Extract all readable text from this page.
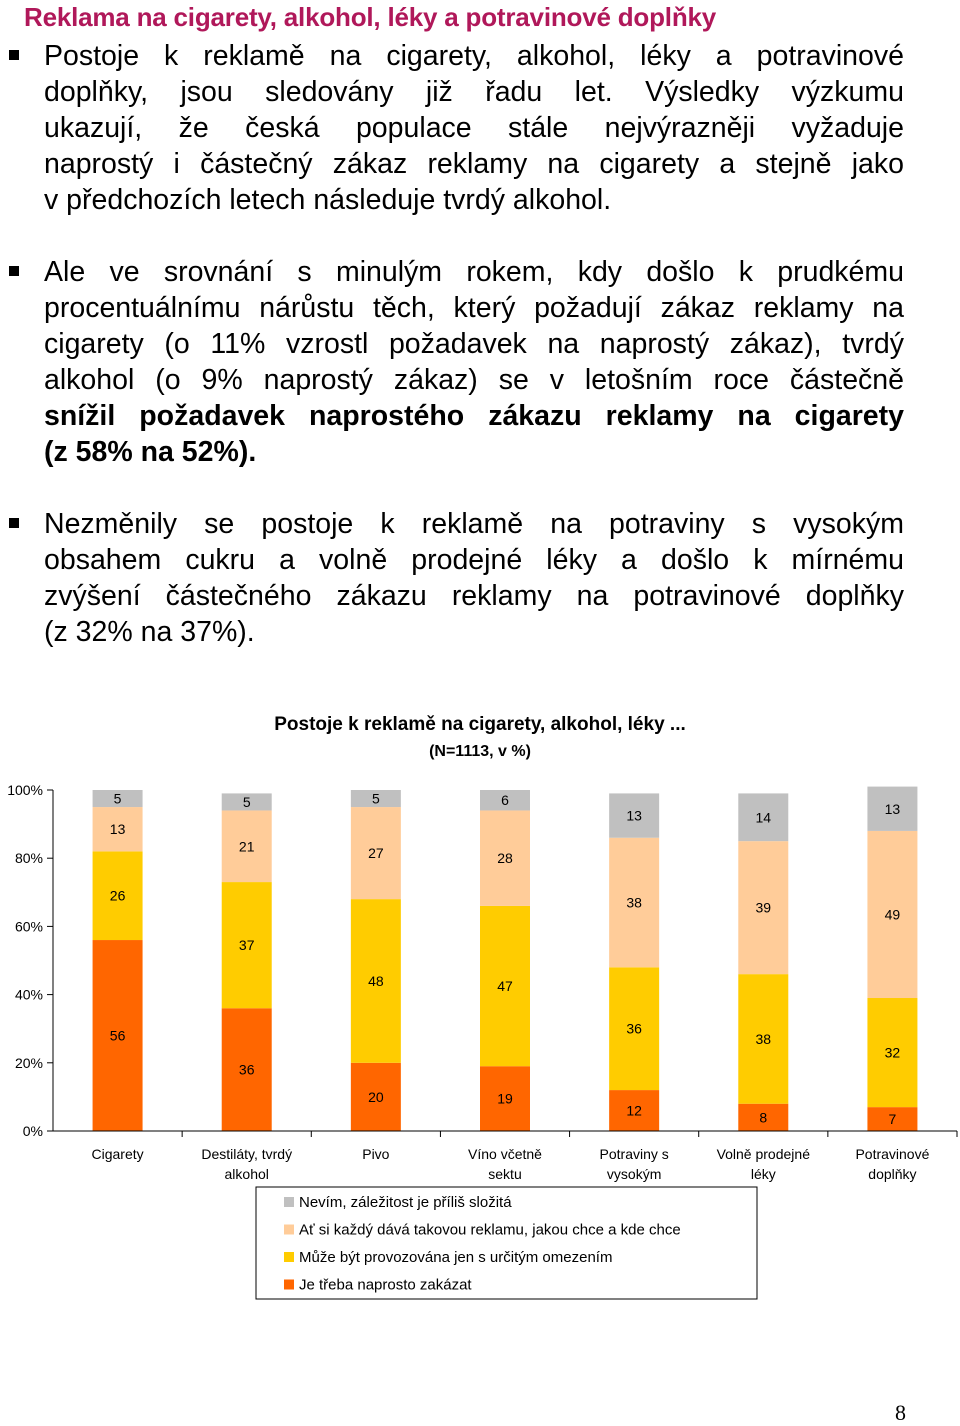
Reklama na cigarety, alkohol, léky a potravinové doplňky
Postoje k reklamě na cigarety, alkohol, léky a potravinové
doplňky, jsou sledovány již řadu let. Výsledky výzkumu
ukazují, že česká populace stále nejvýrazněji vyžaduje
naprostý i částečný zákaz reklamy na cigarety a stejně jako
v předchozích letech následuje tvrdý alkohol.
Ale ve srovnání s minulým rokem, kdy došlo k prudkému
procentuálnímu nárůstu těch, který požadují zákaz reklamy na
cigarety (o 11% vzrostl požadavek na naprostý zákaz), tvrdý
alkohol (o 9% naprostý zákaz) se v letošním roce částečně
snížil požadavek naprostého zákazu reklamy na cigarety
(z 58% na 52%).
Nezměnily se postoje k reklamě na potraviny s vysokým
obsahem cukru a volně prodejné léky a došlo k mírnému
zvýšení částečného zákazu reklamy na potravinové doplňky
(z 32% na 37%).
Postoje k reklamě na cigarety, alkohol, léky ...
(N=1113, v %)
0%
20%
40%
60%
80%
100%
56
26
13
5
Cigarety
36
37
21
5
Destiláty, tvrdý
alkohol
20
48
27
5
Pivo
19
47
28
6
Víno včetně
sektu
12
36
38
13
Potraviny s
vysokým
8
38
39
14
Volně prodejné
léky
7
32
49
13
Potravinové
doplňky
Nevím, záležitost je příliš složitá
Ať si každý dává takovou reklamu, jakou chce a kde chce
Může být provozována jen s určitým omezením
Je třeba naprosto zakázat
8
